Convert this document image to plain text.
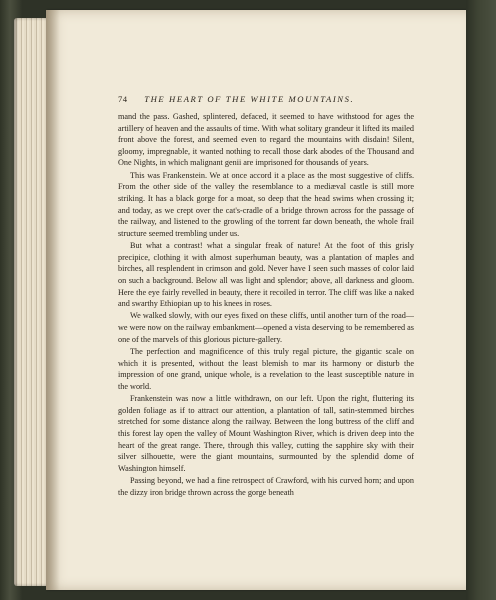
74 THE HEART OF THE WHITE MOUNTAINS.

mand the pass. Gashed, splintered, defaced, it seemed to have withstood for ages the artillery of heaven and the assaults of time. With what solitary grandeur it lifted its mailed front above the forest, and seemed even to regard the mountains with disdain! Silent, gloomy, impregnable, it wanted nothing to recall those dark abodes of the Thousand and One Nights, in which malignant genii are imprisoned for thousands of years.

This was Frankenstein. We at once accord it a place as the most suggestive of cliffs. From the other side of the valley the resemblance to a mediæval castle is still more striking. It has a black gorge for a moat, so deep that the head swims when crossing it; and today, as we crept over the cat's-cradle of a bridge thrown across for the passage of the railway, and listened to the growling of the torrent far down beneath, the whole frail structure seemed trembling under us.

But what a contrast! what a singular freak of nature! At the foot of this grisly precipice, clothing it with almost superhuman beauty, was a plantation of maples and birches, all resplendent in crimson and gold. Never have I seen such masses of color laid on such a background. Below all was light and splendor; above, all darkness and gloom. Here the eye fairly revelled in beauty, there it recoiled in terror. The cliff was like a naked and swarthy Ethiopian up to his knees in roses.

We walked slowly, with our eyes fixed on these cliffs, until another turn of the road—we were now on the railway embankment—opened a vista deserving to be remembered as one of the marvels of this glorious picture-gallery.

The perfection and magnificence of this truly regal picture, the gigantic scale on which it is presented, without the least blemish to mar its harmony or disturb the impression of one grand, unique whole, is a revelation to the least susceptible nature in the world.

Frankenstein was now a little withdrawn, on our left. Upon the right, fluttering its golden foliage as if to attract our attention, a plantation of tall, satin-stemmed birches stretched for some distance along the railway. Between the long buttress of the cliff and this forest lay open the valley of Mount Washington River, which is driven deep into the heart of the great range. There, through this valley, cutting the sapphire sky with their silver silhouette, were the giant mountains, surmounted by the splendid dome of Washington himself.

Passing beyond, we had a fine retrospect of Crawford, with his curved horn; and upon the dizzy iron bridge thrown across the gorge beneath
